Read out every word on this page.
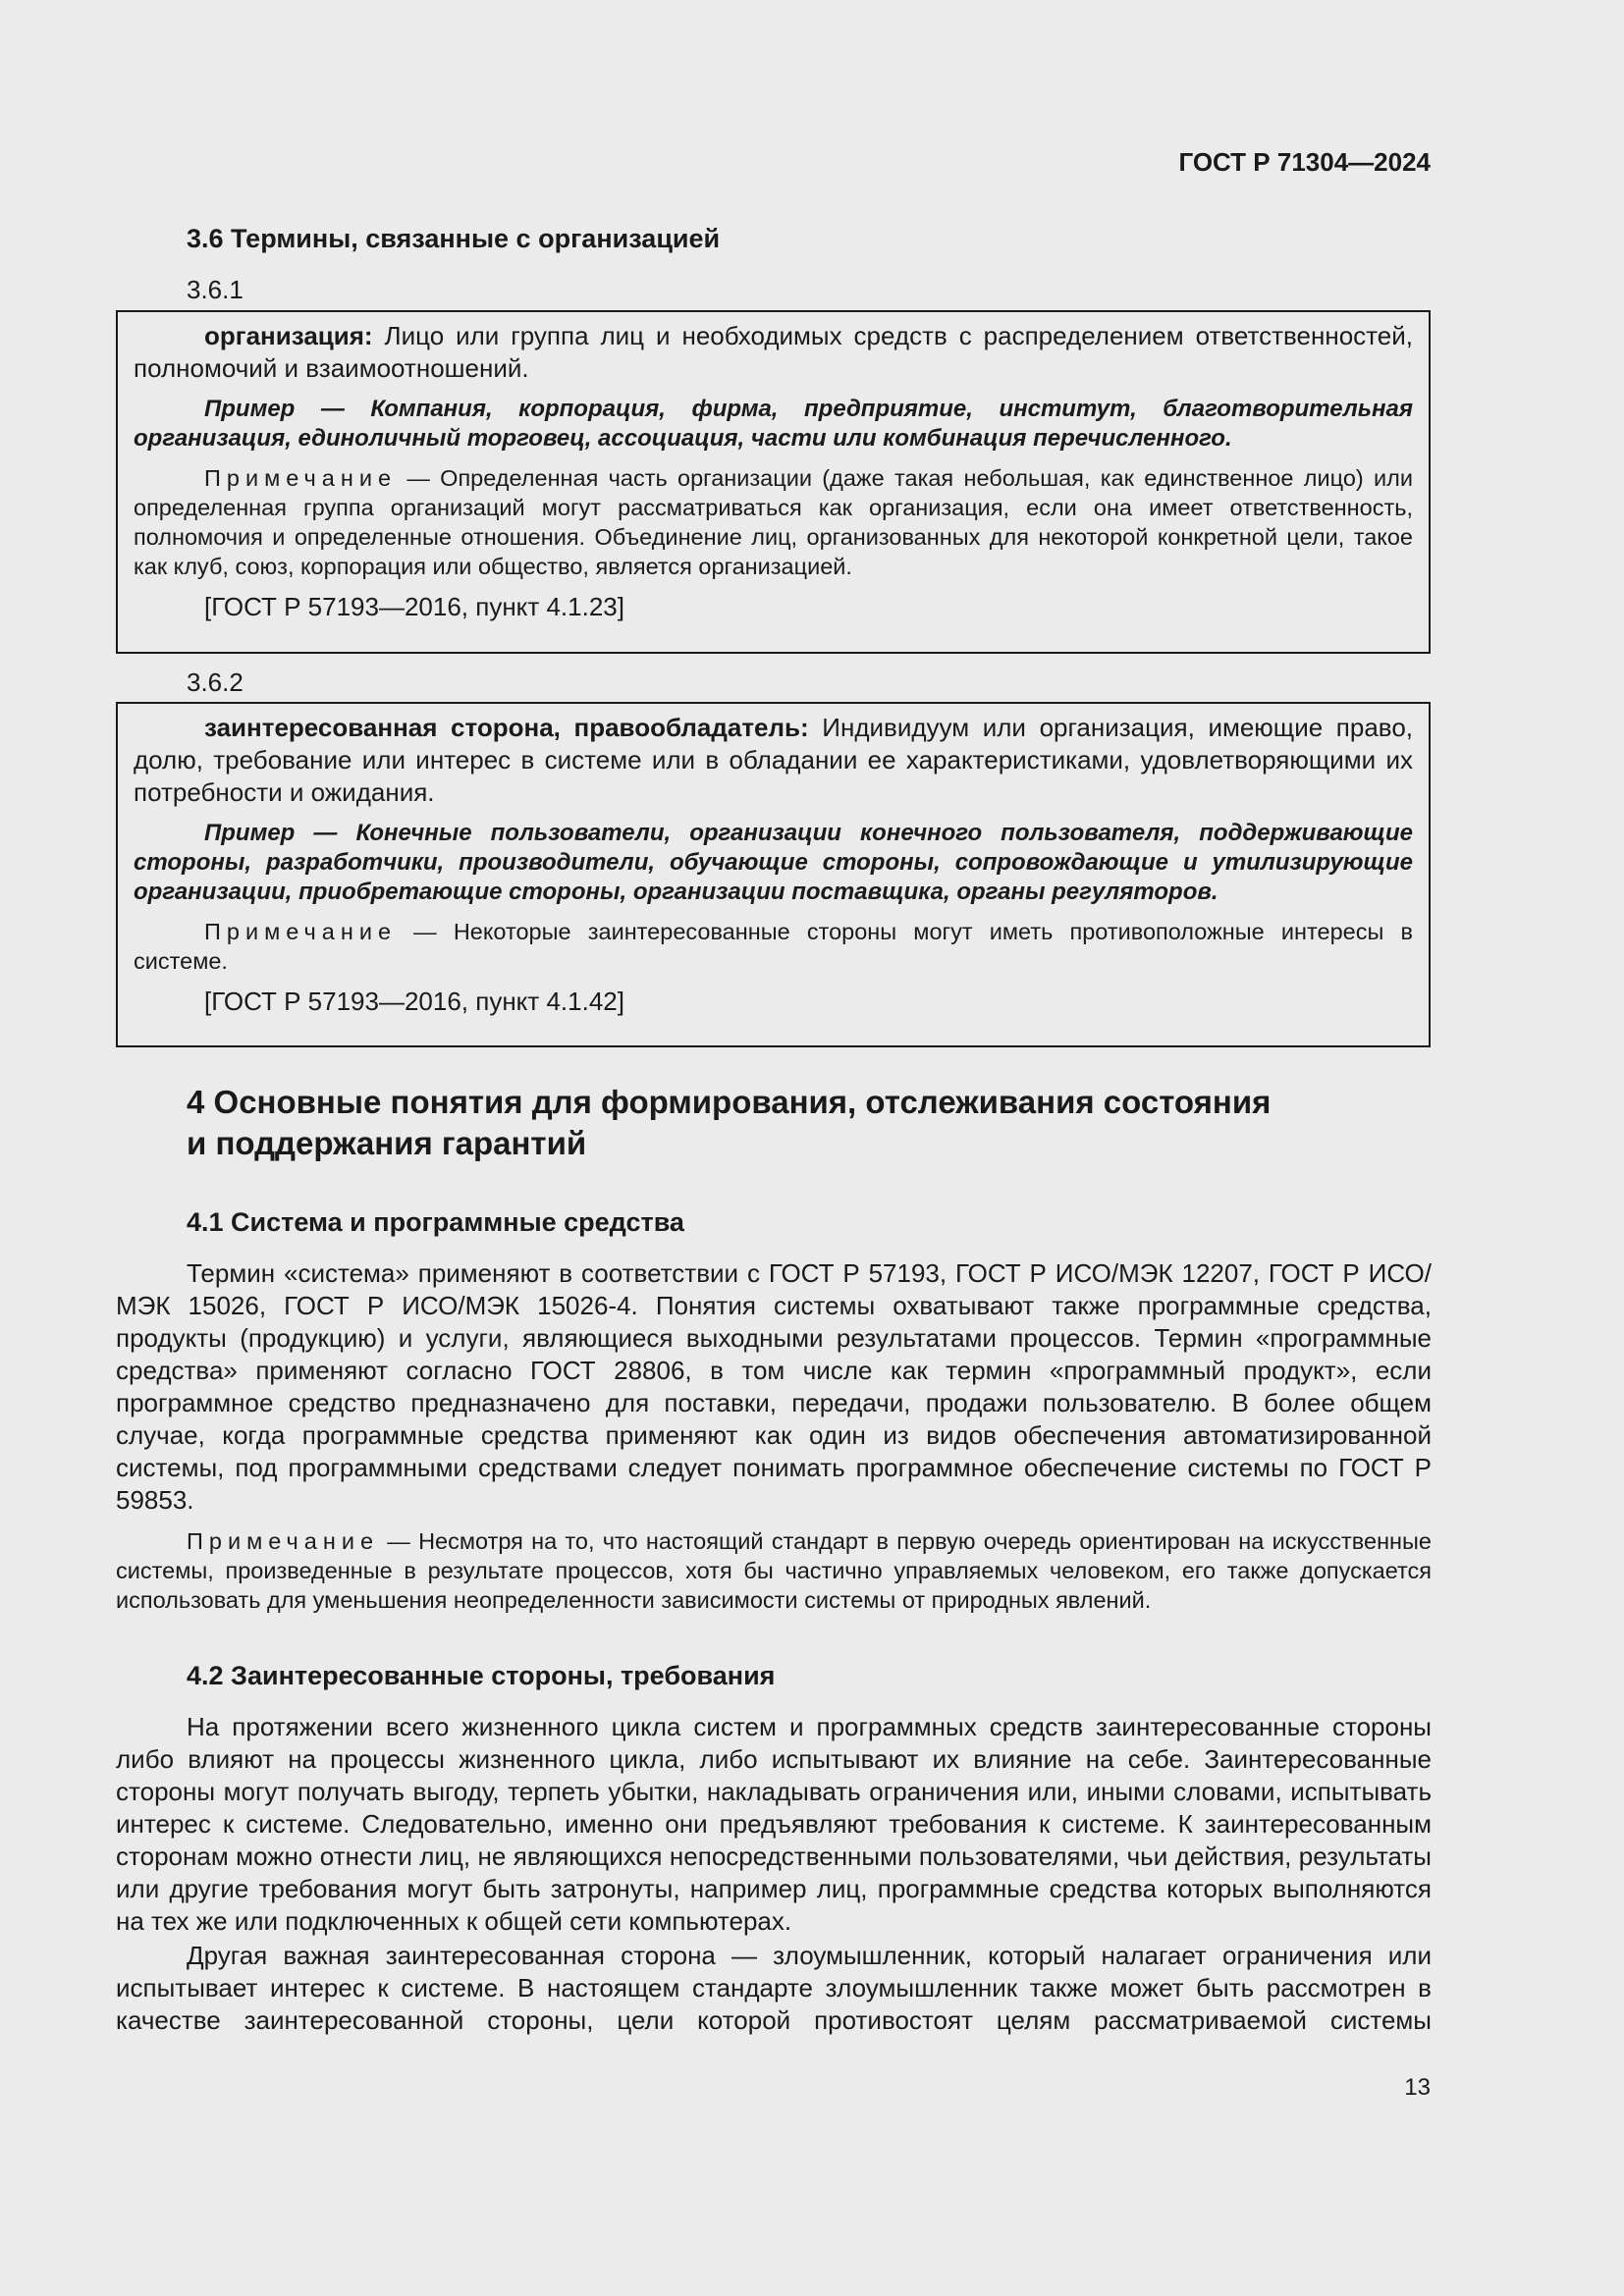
ГОСТ Р 71304—2024

3.6 Термины, связанные с организацией

3.6.1

организация: Лицо или группа лиц и необходимых средств с распределением ответственностей, полномочий и взаимоотношений.

Пример — Компания, корпорация, фирма, предприятие, институт, благотворительная организация, единоличный торговец, ассоциация, части или комбинация перечисленного.

Примечание — Определенная часть организации (даже такая небольшая, как единственное лицо) или определенная группа организаций могут рассматриваться как организация, если она имеет ответственность, полномочия и определенные отношения. Объединение лиц, организованных для некоторой конкретной цели, такое как клуб, союз, корпорация или общество, является организацией.

[ГОСТ Р 57193—2016, пункт 4.1.23]

3.6.2

заинтересованная сторона, правообладатель: Индивидуум или организация, имеющие право, долю, требование или интерес в системе или в обладании ее характеристиками, удовлетворяющими их потребности и ожидания.

Пример — Конечные пользователи, организации конечного пользователя, поддерживающие стороны, разработчики, производители, обучающие стороны, сопровождающие и утилизирующие организации, приобретающие стороны, организации поставщика, органы регуляторов.

Примечание — Некоторые заинтересованные стороны могут иметь противоположные интересы в системе.

[ГОСТ Р 57193—2016, пункт 4.1.42]

4 Основные понятия для формирования, отслеживания состояния

и поддержания гарантий

4.1 Система и программные средства

Термин «система» применяют в соответствии с ГОСТ Р 57193, ГОСТ Р ИСО/МЭК 12207, ГОСТ Р ИСО/МЭК 15026, ГОСТ Р ИСО/МЭК 15026-4. Понятия системы охватывают также программные средства, продукты (продукцию) и услуги, являющиеся выходными результатами процессов. Термин «программные средства» применяют согласно ГОСТ 28806, в том числе как термин «программный продукт», если программное средство предназначено для поставки, передачи, продажи пользователю. В более общем случае, когда программные средства применяют как один из видов обеспечения автоматизированной системы, под программными средствами следует понимать программное обеспечение системы по ГОСТ Р 59853.

Примечание — Несмотря на то, что настоящий стандарт в первую очередь ориентирован на искусственные системы, произведенные в результате процессов, хотя бы частично управляемых человеком, его также допускается использовать для уменьшения неопределенности зависимости системы от природных явлений.

4.2 Заинтересованные стороны, требования

На протяжении всего жизненного цикла систем и программных средств заинтересованные стороны либо влияют на процессы жизненного цикла, либо испытывают их влияние на себе. Заинтересованные стороны могут получать выгоду, терпеть убытки, накладывать ограничения или, иными словами, испытывать интерес к системе. Следовательно, именно они предъявляют требования к системе. К заинтересованным сторонам можно отнести лиц, не являющихся непосредственными пользователями, чьи действия, результаты или другие требования могут быть затронуты, например лиц, программные средства которых выполняются на тех же или подключенных к общей сети компьютерах.

Другая важная заинтересованная сторона — злоумышленник, который налагает ограничения или испытывает интерес к системе. В настоящем стандарте злоумышленник также может быть рассмотрен в качестве заинтересованной стороны, цели которой противостоят целям рассматриваемой системы

13
